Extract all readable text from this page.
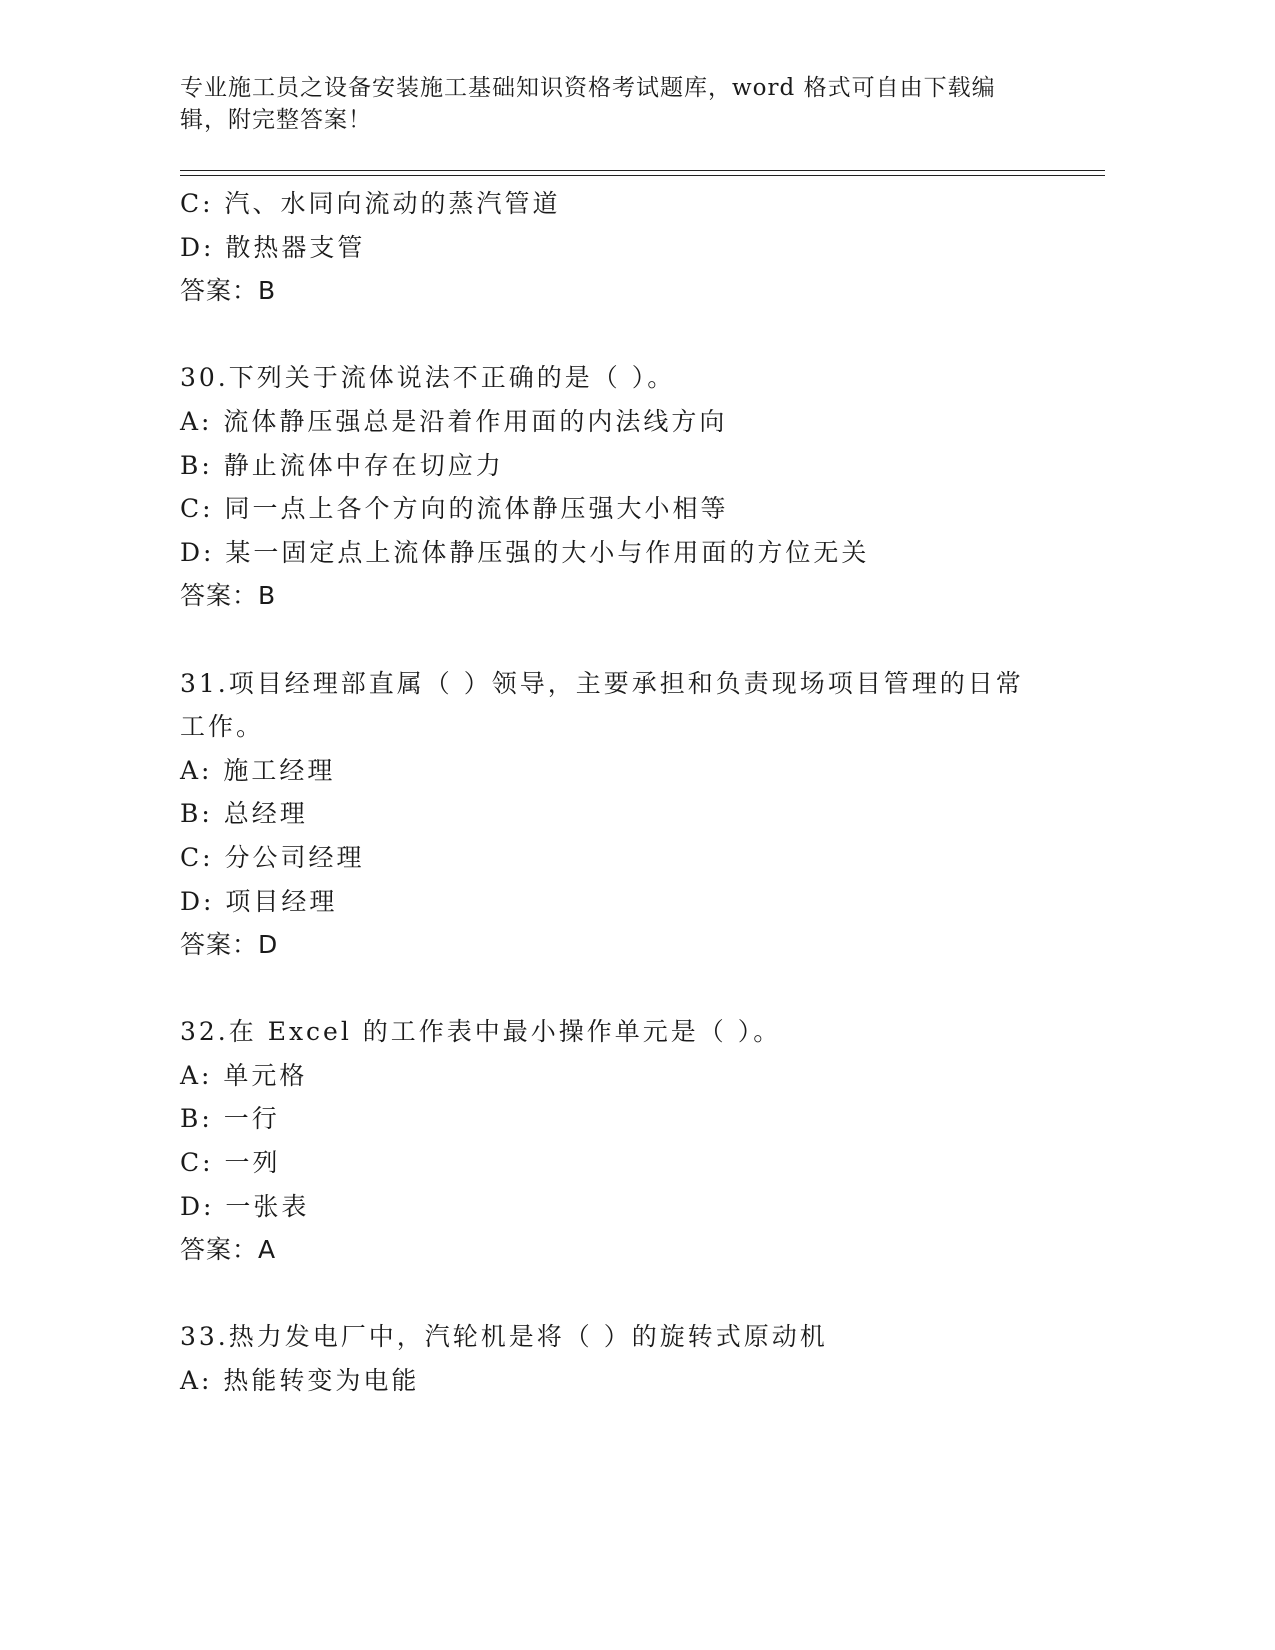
专业施工员之设备安装施工基础知识资格考试题库，word 格式可自由下载编辑，附完整答案！
C: 汽、水同向流动的蒸汽管道
D: 散热器支管
答案：B
30.下列关于流体说法不正确的是（ ）。
A: 流体静压强总是沿着作用面的内法线方向
B: 静止流体中存在切应力
C: 同一点上各个方向的流体静压强大小相等
D: 某一固定点上流体静压强的大小与作用面的方位无关
答案：B
31.项目经理部直属（ ）领导，主要承担和负责现场项目管理的日常工作。
A: 施工经理
B: 总经理
C: 分公司经理
D: 项目经理
答案：D
32.在 Excel 的工作表中最小操作单元是（ ）。
A: 单元格
B: 一行
C: 一列
D: 一张表
答案：A
33.热力发电厂中，汽轮机是将（ ）的旋转式原动机
A: 热能转变为电能
